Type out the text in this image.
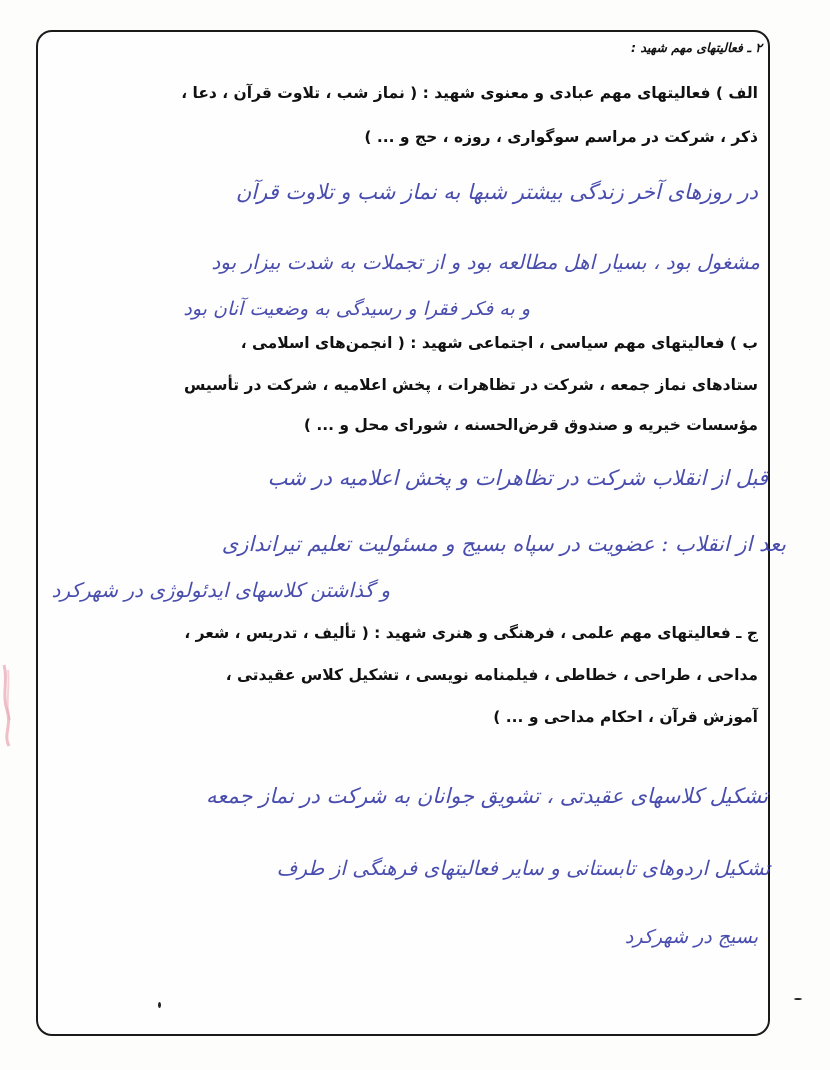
۲ ـ فعالیتهای مهم شهید :
الف ) فعالیتهای مهم عبادی و معنوی شهید : ( نماز شب ، تلاوت قرآن ، دعا ،
ذکر ، شرکت در مراسم سوگواری ، روزه ، حج و ... )
در روزهای آخر زندگی بیشتر شبها به نماز شب و تلاوت قرآن
مشغول بود ، بسیار اهل مطالعه بود و از تجملات به شدت بیزار بود
و به فکر فقرا و رسیدگی به وضعیت آنان بود
ب ) فعالیتهای مهم سیاسی ، اجتماعی شهید : ( انجمن‌های اسلامی ،
ستادهای نماز جمعه ، شرکت در تظاهرات ، پخش اعلامیه ، شرکت در تأسیس
مؤسسات خیریه و صندوق قرض‌الحسنه ، شورای محل و ... )
قبل از انقلاب شرکت در تظاهرات و پخش اعلامیه در شب
بعد از انقلاب : عضویت در سپاه بسیج و مسئولیت تعلیم تیراندازی
و گذاشتن کلاسهای ایدئولوژی در شهرکرد
ج ـ فعالیتهای مهم علمی ، فرهنگی و هنری شهید : ( تألیف ، تدریس ، شعر ،
مداحی ، طراحی ، خطاطی ، فیلمنامه نویسی ، تشکیل کلاس عقیدتی ،
آموزش قرآن ، احکام مداحی و ... )
تشکیل کلاسهای عقیدتی ، تشویق جوانان به شرکت در نماز جمعه
تشکیل اردوهای تابستانی و سایر فعالیتهای فرهنگی از طرف
بسیج در شهرکرد
